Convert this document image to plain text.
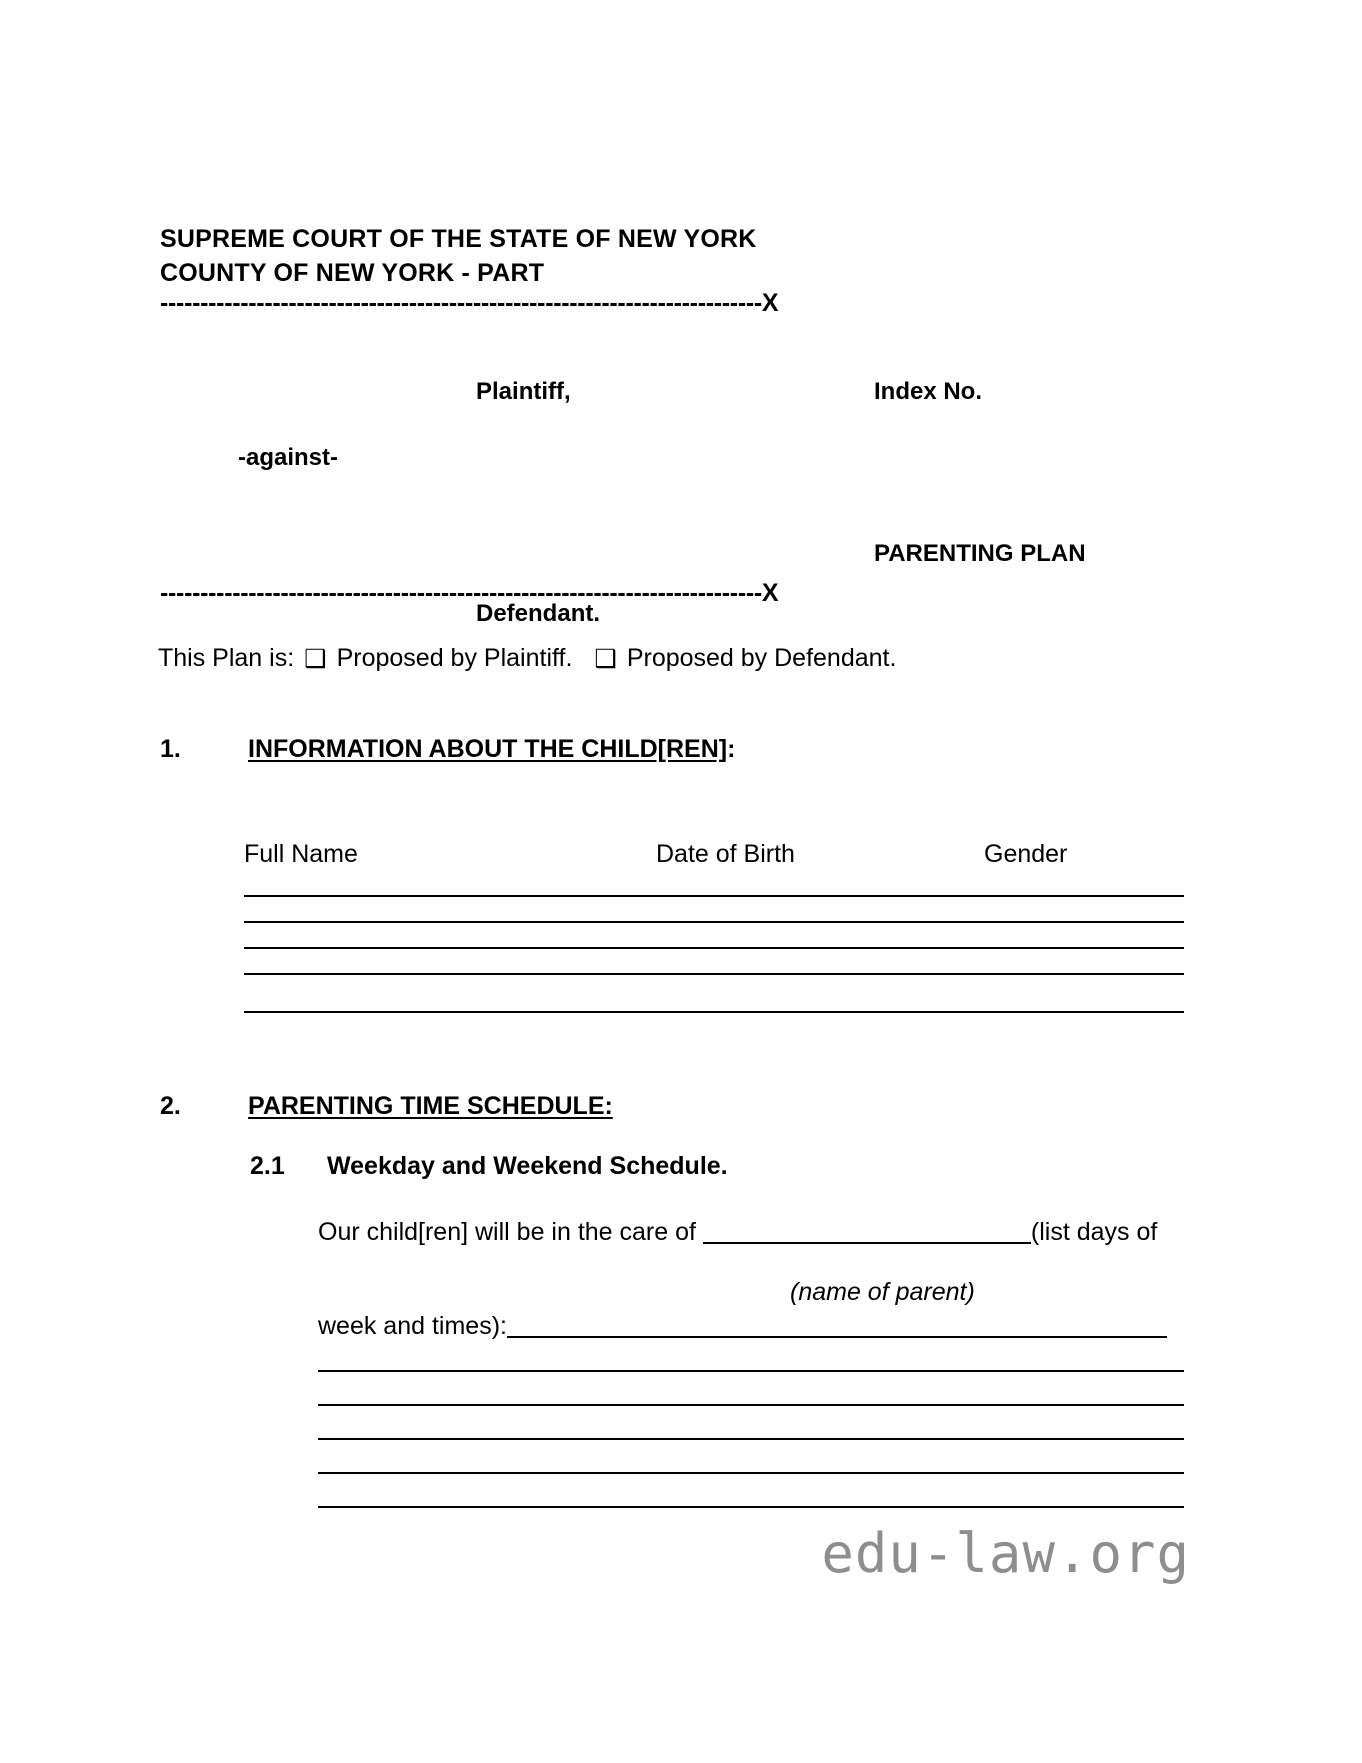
SUPREME COURT OF THE STATE OF NEW YORK
COUNTY OF NEW YORK - PART
---------------------------------------------------------------------------X
Plaintiff,	Index No.
-against-
PARENTING PLAN
Defendant.
---------------------------------------------------------------------------X
This Plan is: ❑ Proposed by Plaintiff. ❑ Proposed by Defendant.
1.	INFORMATION ABOUT THE CHILD[REN]:
Full Name	Date of Birth	Gender
2.	PARENTING TIME SCHEDULE:
2.1 Weekday and Weekend Schedule.
Our child[ren] will be in the care of	(list days of
(name of parent)
week and times):
edu-law.org
